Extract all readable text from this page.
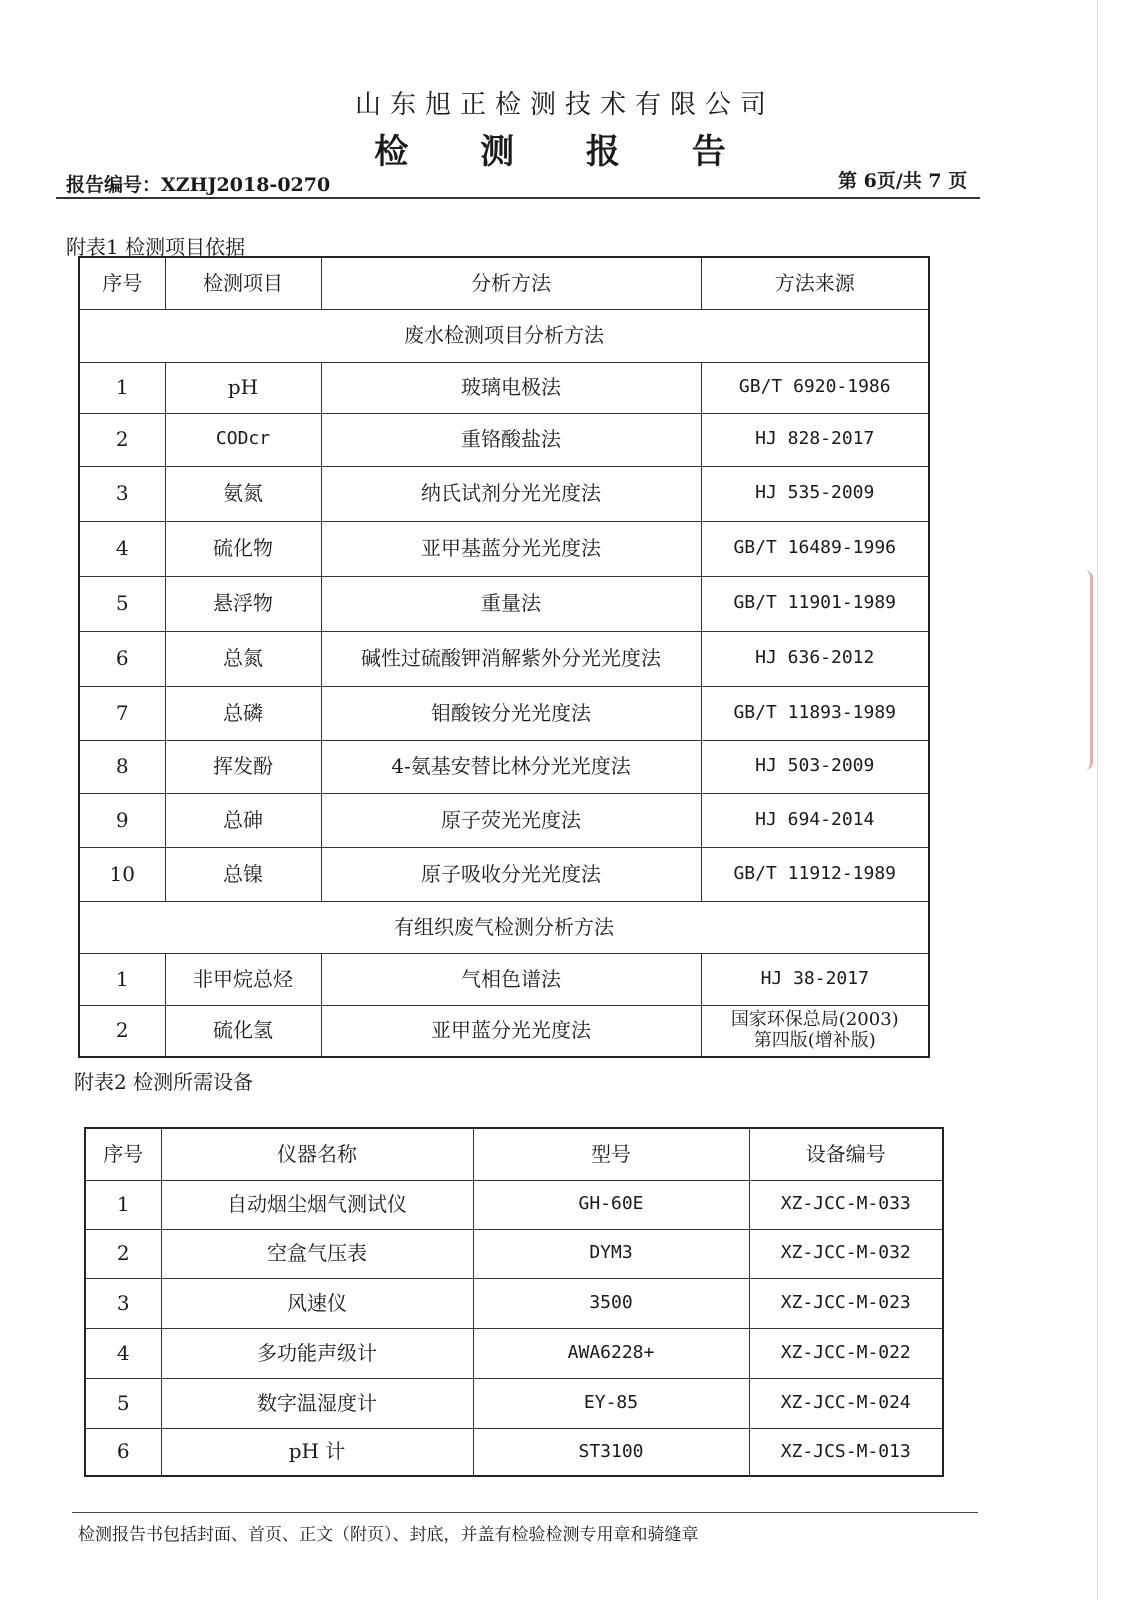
山东旭正检测技术有限公司
检 测 报 告
报告编号：XZHJ2018-0270	第 6页/共 7 页
附表1 检测项目依据
序号	检测项目	分析方法	方法来源
废水检测项目分析方法			
1	pH	玻璃电极法	GB/T 6920-1986
2	CODcr	重铬酸盐法	HJ 828-2017
3	氨氮	纳氏试剂分光光度法	HJ 535-2009
4	硫化物	亚甲基蓝分光光度法	GB/T 16489-1996
5	悬浮物	重量法	GB/T 11901-1989
6	总氮	碱性过硫酸钾消解紫外分光光度法	HJ 636-2012
7	总磷	钼酸铵分光光度法	GB/T 11893-1989
8	挥发酚	4-氨基安替比林分光光度法	HJ 503-2009
9	总砷	原子荧光光度法	HJ 694-2014
10	总镍	原子吸收分光光度法	GB/T 11912-1989
有组织废气检测分析方法			
1	非甲烷总烃	气相色谱法	HJ 38-2017
2	硫化氢	亚甲蓝分光光度法	国家环保总局(2003)
第四版(增补版)
附表2 检测所需设备
序号	仪器名称	型号	设备编号
1	自动烟尘烟气测试仪	GH-60E	XZ-JCC-M-033
2	空盒气压表	DYM3	XZ-JCC-M-032
3	风速仪	3500	XZ-JCC-M-023
4	多功能声级计	AWA6228+	XZ-JCC-M-022
5	数字温湿度计	EY-85	XZ-JCC-M-024
6	pH 计	ST3100	XZ-JCS-M-013
检测报告书包括封面、首页、正文（附页）、封底，并盖有检验检测专用章和骑缝章
